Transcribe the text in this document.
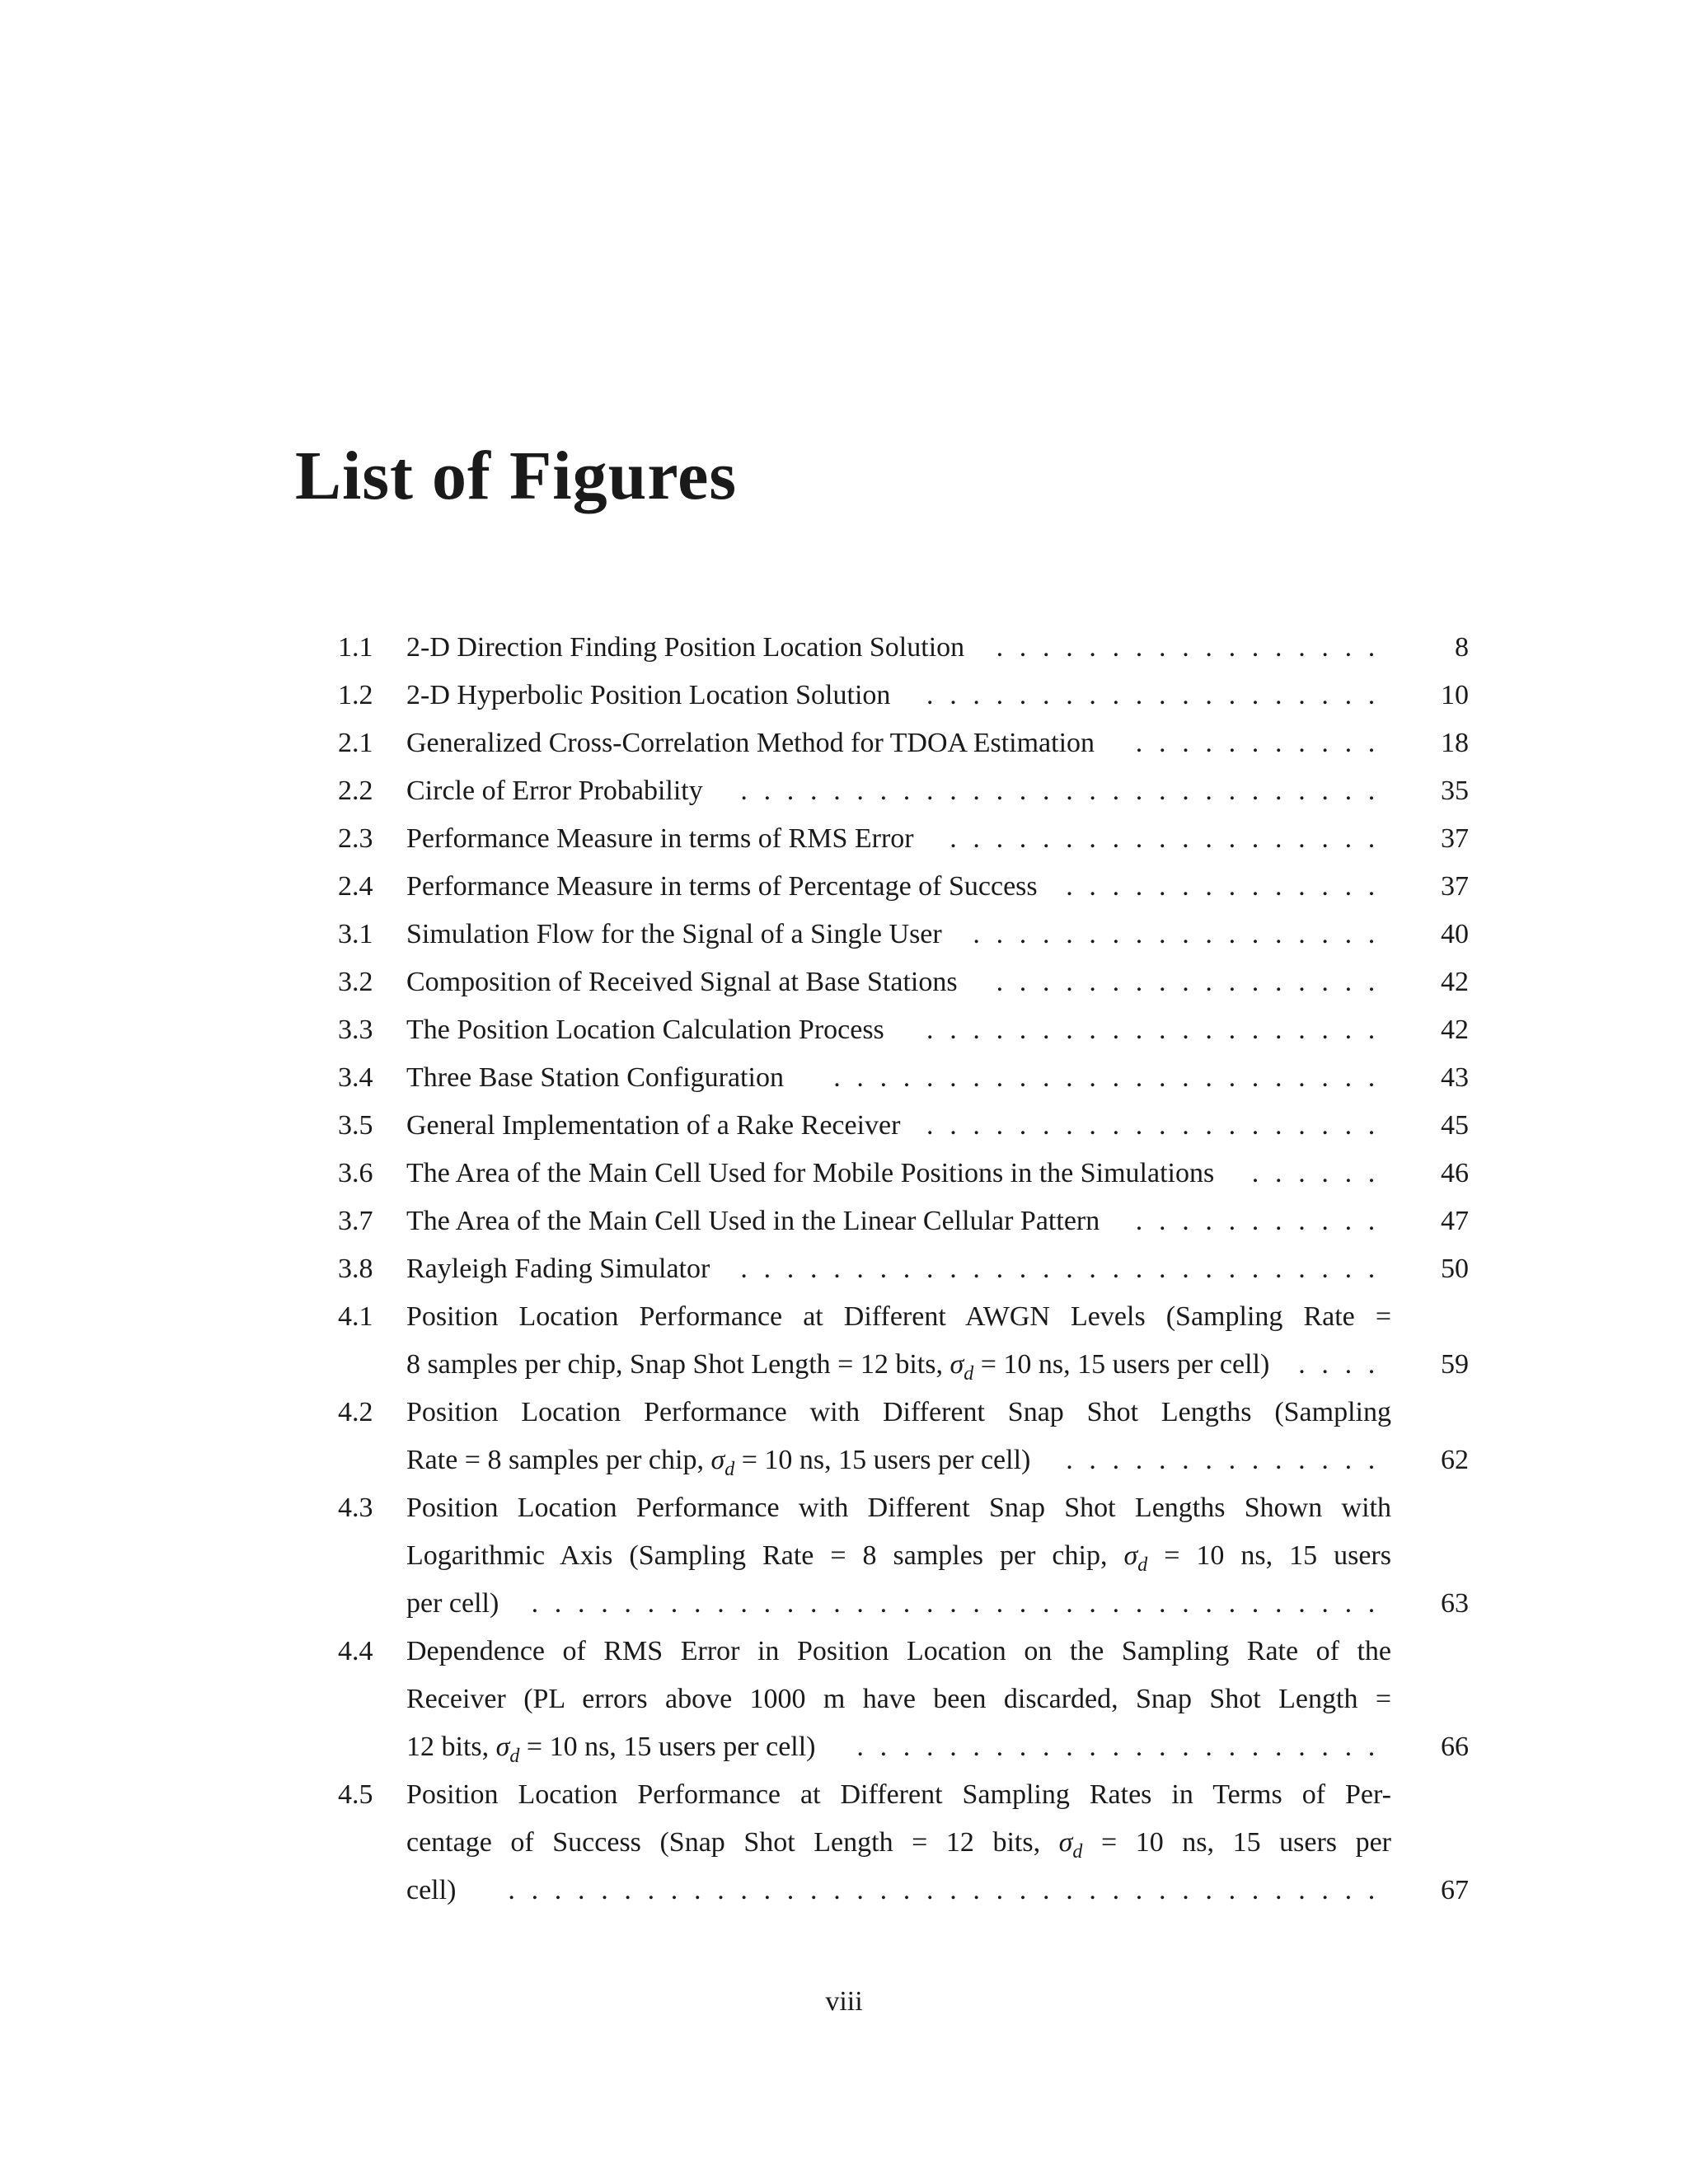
List of Figures
1.1	2-D Direction Finding Position Location Solution .................	8
1.2	2-D Hyperbolic Position Location Solution ....................	10
2.1	Generalized Cross-Correlation Method for TDOA Estimation ...........	18
2.2	Circle of Error Probability ............................	35
2.3	Performance Measure in terms of RMS Error ...................	37
2.4	Performance Measure in terms of Percentage of Success ..............	37
3.1	Simulation Flow for the Signal of a Single User ..................	40
3.2	Composition of Received Signal at Base Stations .................	42
3.3	The Position Location Calculation Process ....................	42
3.4	Three Base Station Configuration ........................	43
3.5	General Implementation of a Rake Receiver ....................	45
3.6	The Area of the Main Cell Used for Mobile Positions in the Simulations ......	46
3.7	The Area of the Main Cell Used in the Linear Cellular Pattern ...........	47
3.8	Rayleigh Fading Simulator ............................	50
4.1	Position Location Performance at Different AWGN Levels (Sampling Rate =
8 samples per chip, Snap Shot Length = 12 bits, $\sigma_d = 10$ ns, 15 users per cell) ....	59
4.2	Position Location Performance with Different Snap Shot Lengths (Sampling
Rate = 8 samples per chip, $\sigma_d = 10$ ns, 15 users per cell) ..............	62
4.3	Position Location Performance with Different Snap Shot Lengths Shown with
Logarithmic Axis (Sampling Rate = 8 samples per chip, $\sigma_d = 10$ ns, 15 users
per cell) .....................................	63
4.4	Dependence of RMS Error in Position Location on the Sampling Rate of the
Receiver (PL errors above 1000 m have been discarded, Snap Shot Length =
12 bits, $\sigma_d = 10$ ns, 15 users per cell) .......................	66
4.5	Position Location Performance at Different Sampling Rates in Terms of Per-
centage of Success (Snap Shot Length = 12 bits, $\sigma_d = 10$ ns, 15 users per
cell) ......................................	67
viii
